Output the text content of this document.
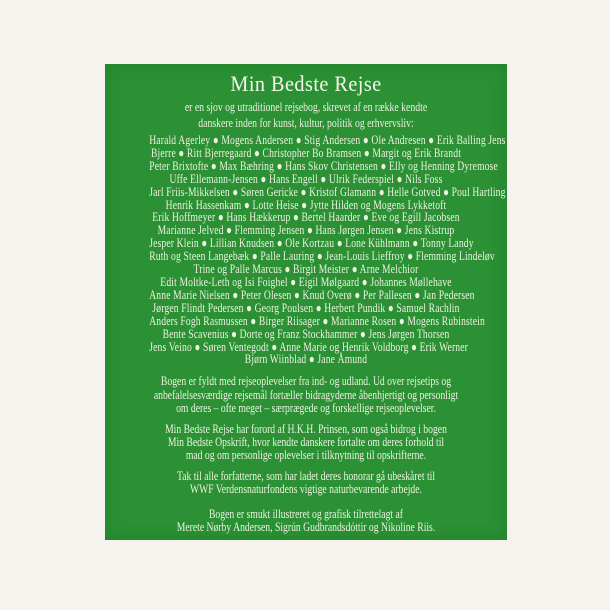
Min Bedste Rejse
er en sjov og utraditionel rejsebog, skrevet af en række kendte
danskere inden for kunst, kultur, politik og erhvervsliv:
Harald Agerley ● Mogens Andersen ● Stig Andersen ● Ole Andresen ● Erik Balling Jens
Bjerre ● Ritt Bjerregaard ● Christopher Bo Bramsen ● Margit og Erik Brandt
Peter Brixtofte ● Max Bæhring ● Hans Skov Christensen ● Elly og Henning Dyremose
Uffe Ellemann-Jensen ● Hans Engell ● Ulrik Federspiel ● Nils Foss
Jarl Friis-Mikkelsen ● Søren Gericke ● Kristof Glamann ● Helle Gotved ● Poul Hartling
Henrik Hassenkam ● Lotte Heise ● Jytte Hilden og Mogens Lykketoft
Erik Hoffmeyer ● Hans Hækkerup ● Bertel Haarder ● Eve og Egill Jacobsen
Marianne Jelved ● Flemming Jensen ● Hans Jørgen Jensen ● Jens Kistrup
Jesper Klein ● Lillian Knudsen ● Ole Kortzau ● Lone Kühlmann ● Tonny Landy
Ruth og Steen Langebæk ● Palle Lauring ● Jean-Louis Lieffroy ● Flemming Lindeløv
Trine og Palle Marcus ● Birgit Meister ● Arne Melchior
Edit Moltke-Leth og Isi Foighel ● Eigil Mølgaard ● Johannes Møllehave
Anne Marie Nielsen ● Peter Olesen ● Knud Overø ● Per Pallesen ● Jan Pedersen
Jørgen Flindt Pedersen ● Georg Poulsen ● Herbert Pundik ● Samuel Rachlin
Anders Fogh Rasmussen ● Birger Riisager ● Marianne Rosen ● Mogens Rubinstein
Bente Scavenius ● Dorte og Franz Stockhammer ● Jens Jørgen Thorsen
Jens Veino ● Søren Ventegodt ● Anne Marie og Henrik Voldborg ● Erik Werner
Bjørn Wiinblad ● Jane Åmund
Bogen er fyldt med rejseoplevelser fra ind- og udland. Ud over rejsetips og
anbefalelsesværdige rejsemål fortæller bidragyderne åbenhjertigt og personligt
om deres – ofte meget – særprægede og forskellige rejseoplevelser.
Min Bedste Rejse har forord af H.K.H. Prinsen, som også bidrog i bogen
Min Bedste Opskrift, hvor kendte danskere fortalte om deres forhold til
mad og om personlige oplevelser i tilknytning til opskrifterne.
Tak til alle forfatterne, som har ladet deres honorar gå ubeskåret til
WWF Verdensnaturfondens vigtige naturbevarende arbejde.
Bogen er smukt illustreret og grafisk tilrettelagt af
Merete Nørby Andersen, Sigrún Gudbrandsdóttir og Nikoline Riis.
